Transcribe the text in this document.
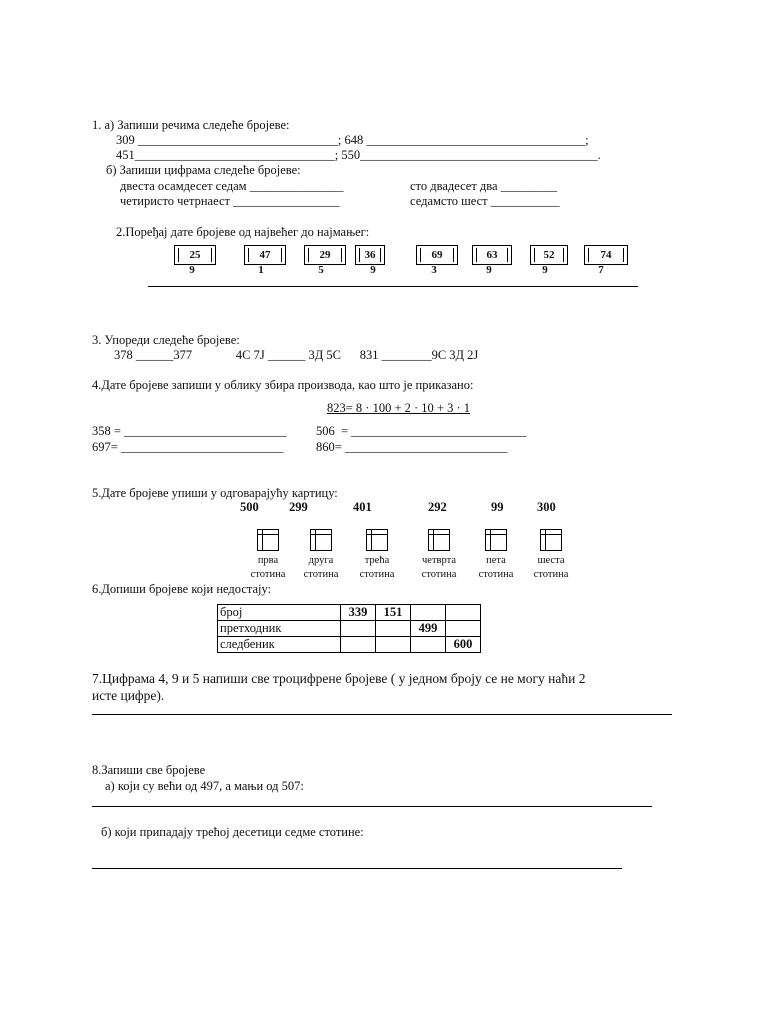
1. а) Запиши речима следеће бројеве:
309 ________________________________; 648 ___________________________________;
451________________________________; 550______________________________________.
б) Запиши цифрама следеће бројеве:
двеста осамдесет седам _______________	сто двадесет два _________
четиристо четрнаест _________________	седамсто шест ___________
2.Поређај дате бројеве од највећег до најмањег:
25	47	29	36	69	63	52	74
9	1	5	9	3	9	9	7
3. Упореди следеће бројеве:
378 ______377              4С 7Ј ______ 3Д 5С      831 ________9С 3Д 2Ј
4.Дате бројеве запиши у облику збира производа, као што је приказано:
823= 8 · 100 + 2 · 10 + 3 · 1
358 = __________________________ 506  = ____________________________
697= __________________________	860= __________________________
5.Дате бројеве упиши у одговарајућу картицу:
500 299	401	292	99	300
прва
стотина
друга
стотина
трећа
стотина
четврта
стотина
пета
стотина
шеста
стотина
6.Допиши бројеве који недостају:
број	339	151		
претходник			499	
следбеник				600
7.Цифрама 4, 9 и 5 напиши све троцифрене бројеве ( у једном броју се не могу наћи 2
исте цифре).
8.Запиши све бројеве
а) који су већи од 497, а мањи од 507:
б) који припадају трећој десетици седме стотине:
